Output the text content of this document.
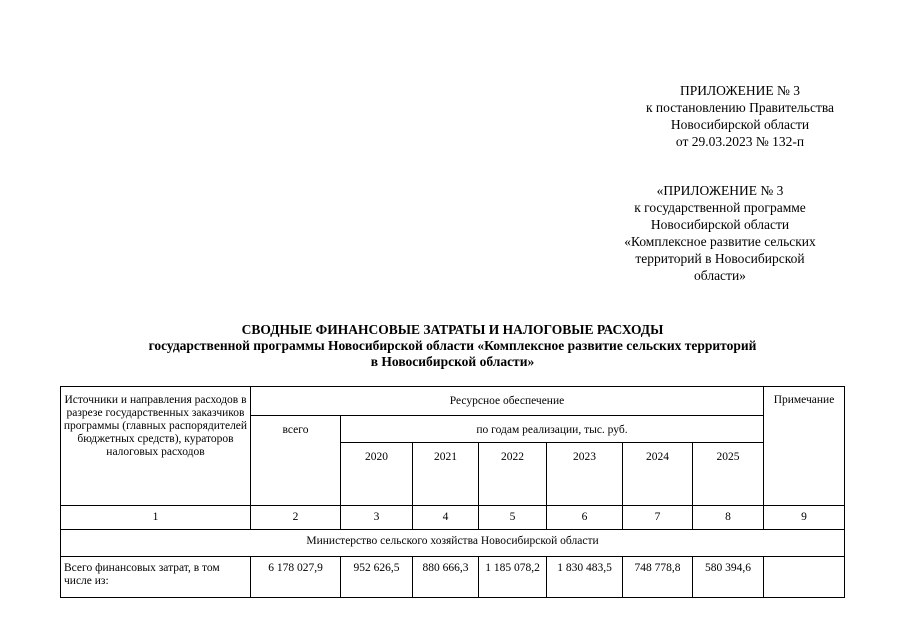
ПРИЛОЖЕНИЕ № 3
к постановлению Правительства
Новосибирской области
от 29.03.2023 № 132-п
«ПРИЛОЖЕНИЕ № 3
к государственной программе
Новосибирской области
«Комплексное развитие сельских
территорий в Новосибирской
области»
СВОДНЫЕ ФИНАНСОВЫЕ ЗАТРАТЫ И НАЛОГОВЫЕ РАСХОДЫ
государственной программы Новосибирской области «Комплексное развитие сельских территорий
в Новосибирской области»
Источники и направления расходов в разрезе государственных заказчиков программы (главных распорядителей бюджетных средств), кураторов налоговых расходов	Ресурсное обеспечение							Примечание
	всего	по годам реализации, тыс. руб.						
		2020	2021	2022	2023	2024	2025	
1	2	3	4	5	6	7	8	9
Министерство сельского хозяйства Новосибирской области								
Всего финансовых затрат, в том числе из:	6 178 027,9	952 626,5	880 666,3	1 185 078,2	1 830 483,5	748 778,8	580 394,6	
